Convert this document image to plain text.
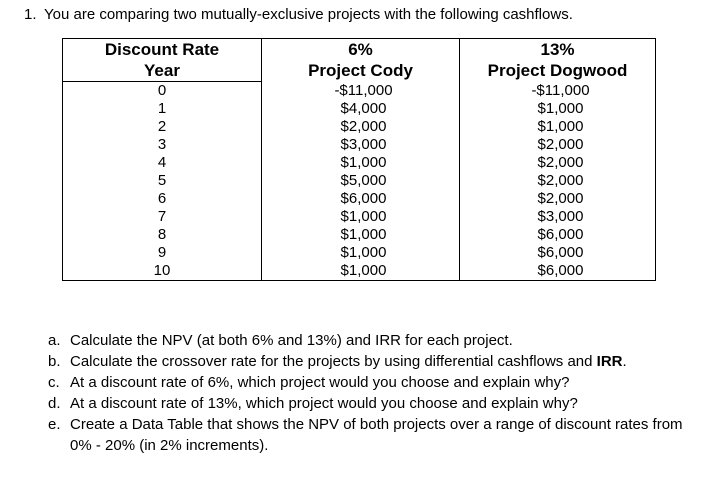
1. You are comparing two mutually-exclusive projects with the following cashflows.
Discount Rate	6%	13%
Year	Project Cody	Project Dogwood
0	-$11,000	-$11,000
1	$4,000	$1,000
2	$2,000	$1,000
3	$3,000	$2,000
4	$1,000	$2,000
5	$5,000	$2,000
6	$6,000	$2,000
7	$1,000	$3,000
8	$1,000	$6,000
9	$1,000	$6,000
10	$1,000	$6,000
a. Calculate the NPV (at both 6% and 13%) and IRR for each project.
b. Calculate the crossover rate for the projects by using differential cashflows and IRR.
c. At a discount rate of 6%, which project would you choose and explain why?
d. At a discount rate of 13%, which project would you choose and explain why?
e. Create a Data Table that shows the NPV of both projects over a range of discount rates from 0% - 20% (in 2% increments).
